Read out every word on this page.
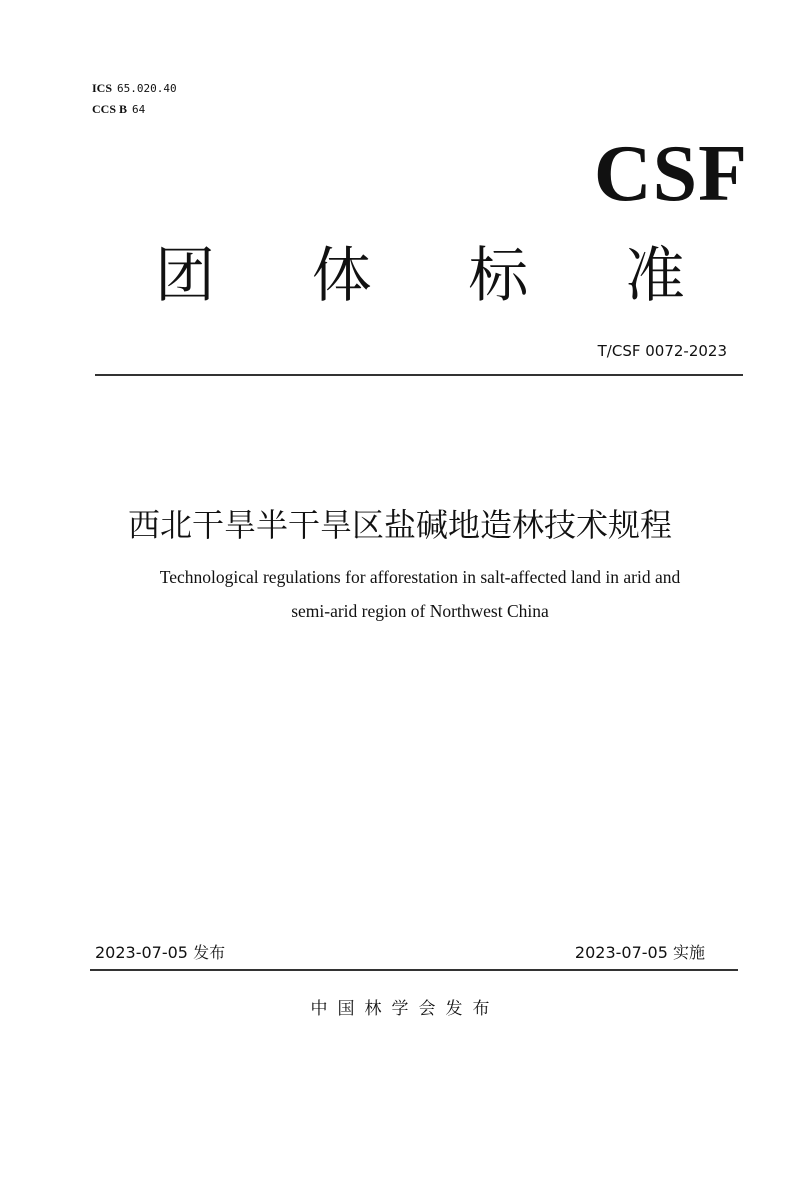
ICS 65.020.40
CCS B 64
CSF
团 体 标 准
T/CSF 0072-2023
西北干旱半干旱区盐碱地造林技术规程
Technological regulations for afforestation in salt-affected land in arid and
semi-arid region of Northwest China
2023-07-05 发布	2023-07-05 实施
中国林学会发布
